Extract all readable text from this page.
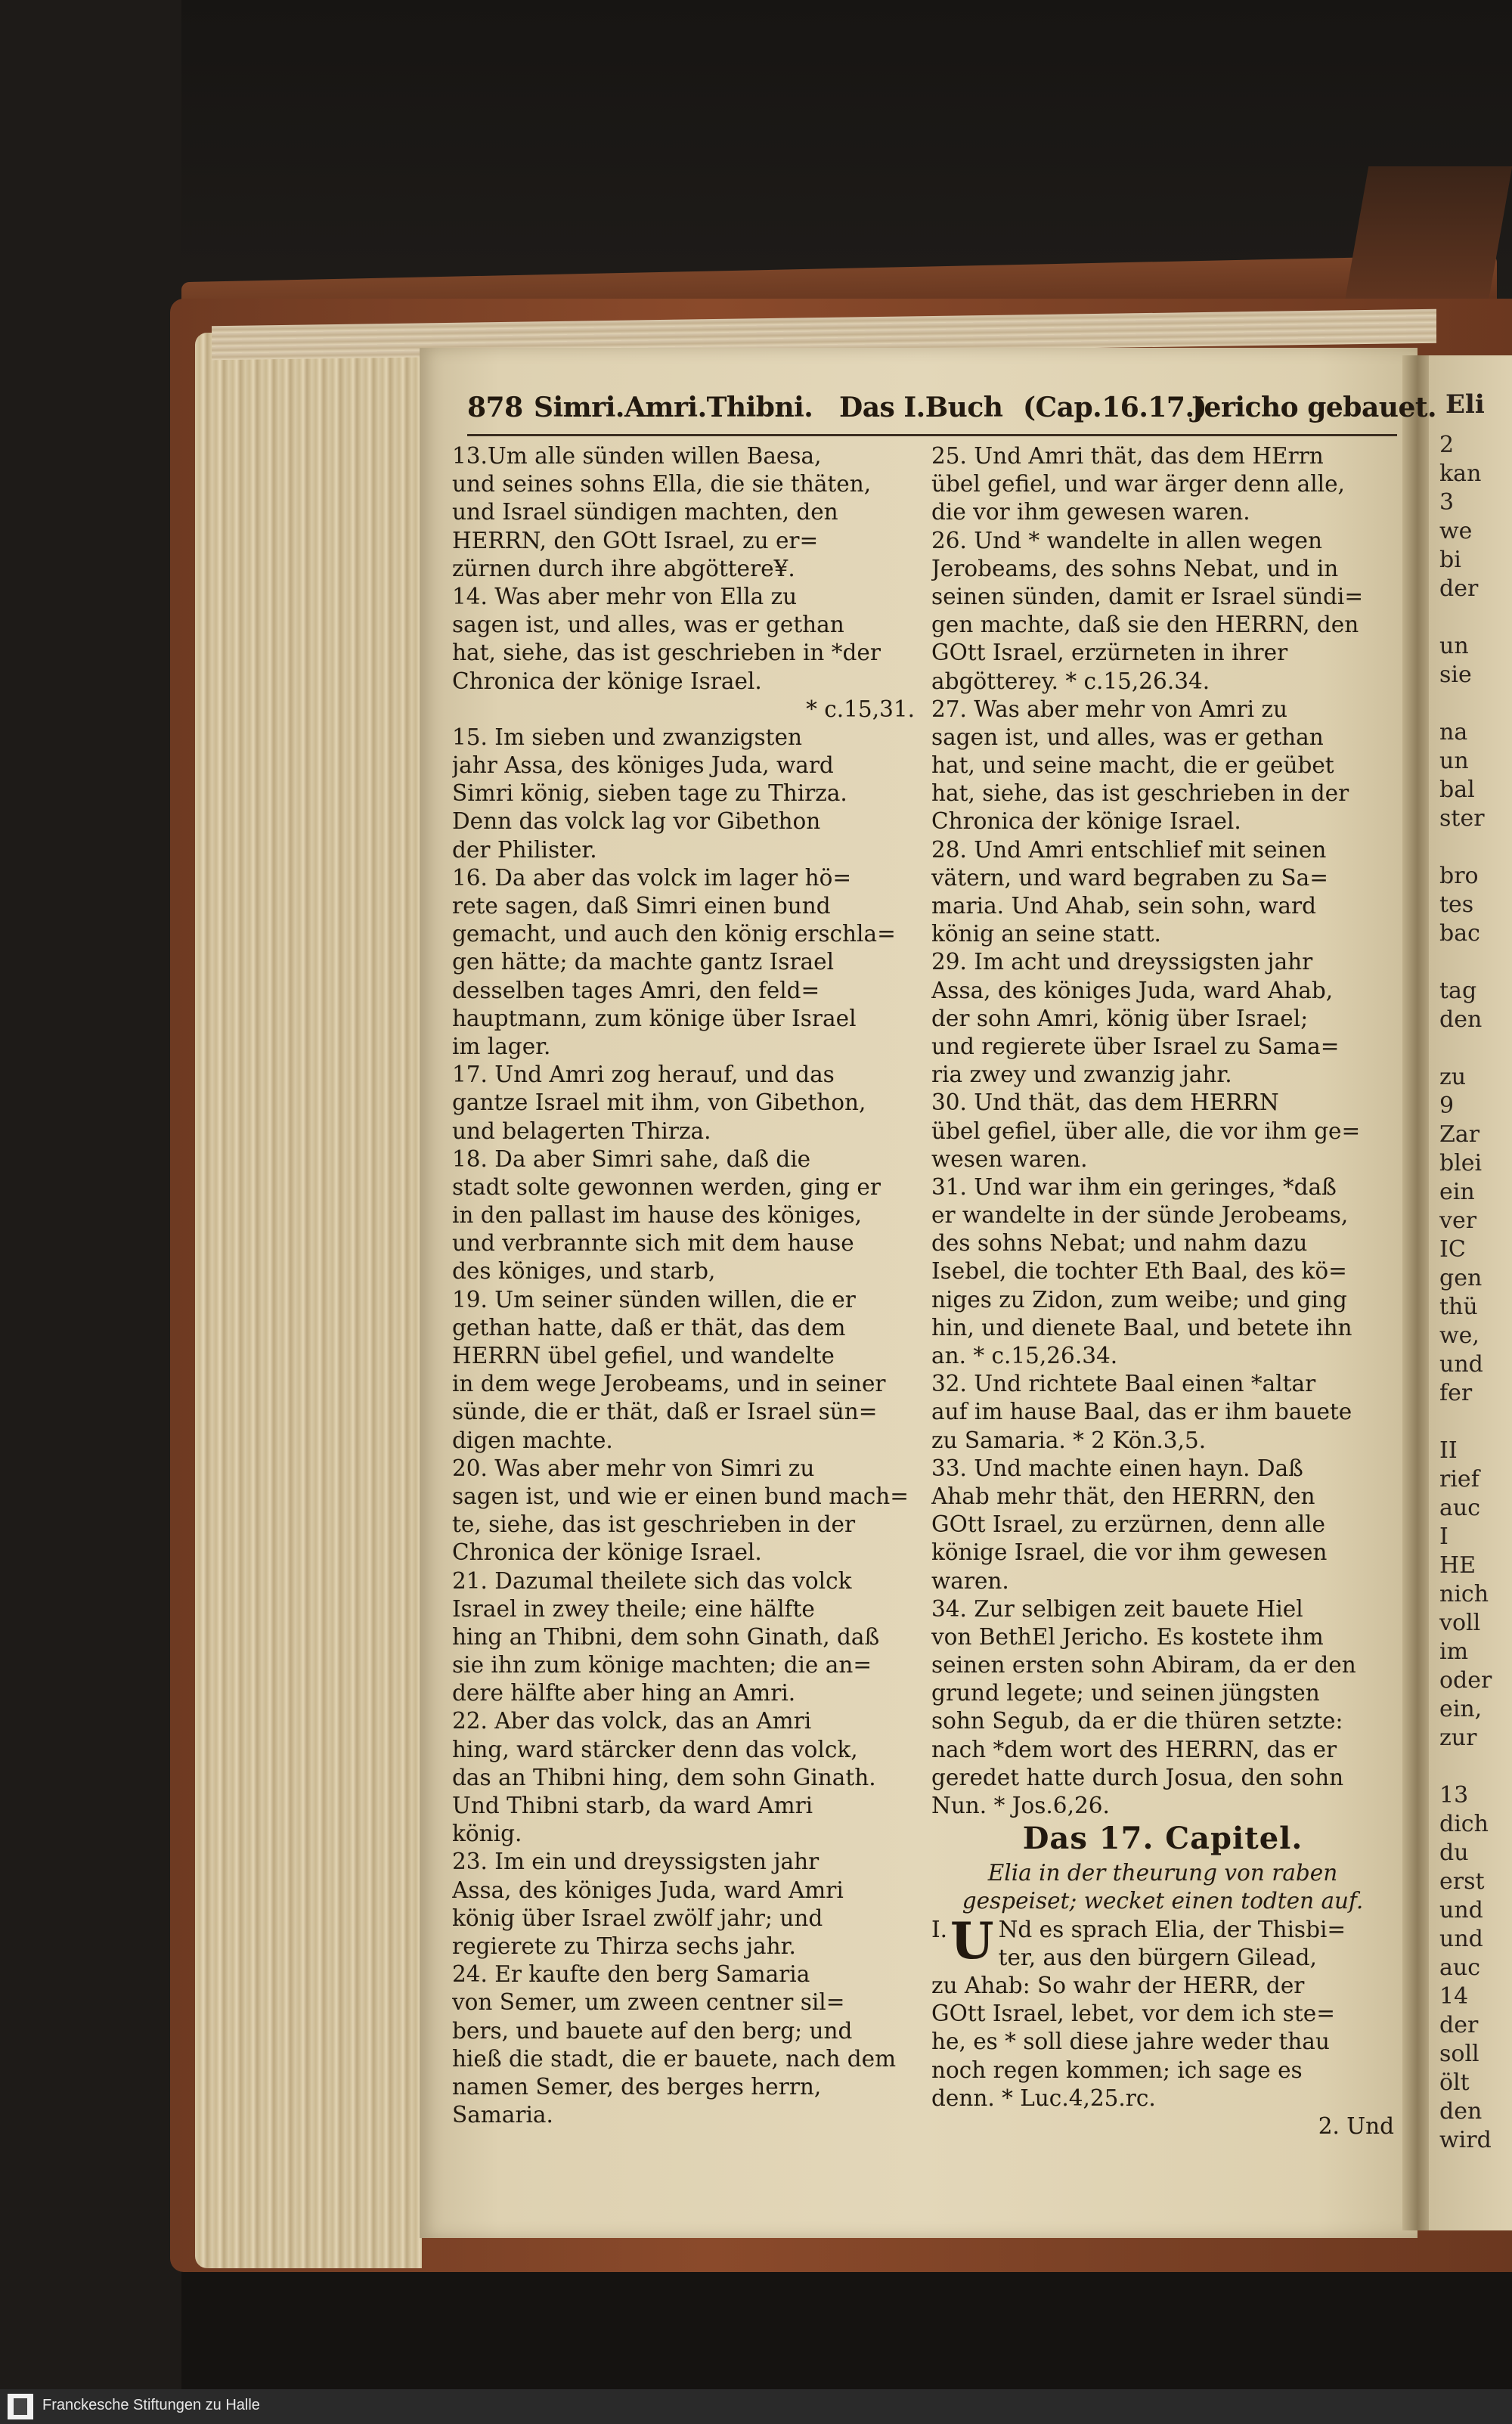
Eli
2
kan
3
we
bi
der
un
sie
na
un
bal
ster
bro
tes
bac
tag
den
zu
9
Zar
blei
ein
ver
IC
gen
thü
we,
und
fer
II
rief
auc
I
HE
nich
voll
im
oder
ein,
zur
13
dich
du
erst
und
und
auc
14
der
soll
ölt
den
wird
878 Simri.Amri.Thibni. Das I.Buch (Cap.16.17.)
Jericho gebauet.
13.Um alle sünden willen Baesa,
und seines sohns Ella, die sie thäten,
und Israel sündigen machten, den
HERRN, den GOtt Israel, zu er=
zürnen durch ihre abgöttere¥.
14. Was aber mehr von Ella zu
sagen ist, und alles, was er gethan
hat, siehe, das ist geschrieben in *der
Chronica der könige Israel.
* c.15,31.
15. Im sieben und zwanzigsten
jahr Assa, des königes Juda, ward
Simri könig, sieben tage zu Thirza.
Denn das volck lag vor Gibethon
der Philister.
16. Da aber das volck im lager hö=
rete sagen, daß Simri einen bund
gemacht, und auch den könig erschla=
gen hätte; da machte gantz Israel
desselben tages Amri, den feld=
hauptmann, zum könige über Israel
im lager.
17. Und Amri zog herauf, und das
gantze Israel mit ihm, von Gibethon,
und belagerten Thirza.
18. Da aber Simri sahe, daß die
stadt solte gewonnen werden, ging er
in den pallast im hause des königes,
und verbrannte sich mit dem hause
des königes, und starb,
19. Um seiner sünden willen, die er
gethan hatte, daß er thät, das dem
HERRN übel gefiel, und wandelte
in dem wege Jerobeams, und in seiner
sünde, die er thät, daß er Israel sün=
digen machte.
20. Was aber mehr von Simri zu
sagen ist, und wie er einen bund mach=
te, siehe, das ist geschrieben in der
Chronica der könige Israel.
21. Dazumal theilete sich das volck
Israel in zwey theile; eine hälfte
hing an Thibni, dem sohn Ginath, daß
sie ihn zum könige machten; die an=
dere hälfte aber hing an Amri.
22. Aber das volck, das an Amri
hing, ward stärcker denn das volck,
das an Thibni hing, dem sohn Ginath.
Und Thibni starb, da ward Amri
könig.
23. Im ein und dreyssigsten jahr
Assa, des königes Juda, ward Amri
könig über Israel zwölf jahr; und
regierete zu Thirza sechs jahr.
24. Er kaufte den berg Samaria
von Semer, um zween centner sil=
bers, und bauete auf den berg; und
hieß die stadt, die er bauete, nach dem
namen Semer, des berges herrn,
Samaria.
25. Und Amri thät, das dem HErrn
übel gefiel, und war ärger denn alle,
die vor ihm gewesen waren.
26. Und * wandelte in allen wegen
Jerobeams, des sohns Nebat, und in
seinen sünden, damit er Israel sündi=
gen machte, daß sie den HERRN, den
GOtt Israel, erzürneten in ihrer
abgötterey. * c.15,26.34.
27. Was aber mehr von Amri zu
sagen ist, und alles, was er gethan
hat, und seine macht, die er geübet
hat, siehe, das ist geschrieben in der
Chronica der könige Israel.
28. Und Amri entschlief mit seinen
vätern, und ward begraben zu Sa=
maria. Und Ahab, sein sohn, ward
könig an seine statt.
29. Im acht und dreyssigsten jahr
Assa, des königes Juda, ward Ahab,
der sohn Amri, könig über Israel;
und regierete über Israel zu Sama=
ria zwey und zwanzig jahr.
30. Und thät, das dem HERRN
übel gefiel, über alle, die vor ihm ge=
wesen waren.
31. Und war ihm ein geringes, *daß
er wandelte in der sünde Jerobeams,
des sohns Nebat; und nahm dazu
Isebel, die tochter Eth Baal, des kö=
niges zu Zidon, zum weibe; und ging
hin, und dienete Baal, und betete ihn
an. * c.15,26.34.
32. Und richtete Baal einen *altar
auf im hause Baal, das er ihm bauete
zu Samaria. * 2 Kön.3,5.
33. Und machte einen hayn. Daß
Ahab mehr thät, den HERRN, den
GOtt Israel, zu erzürnen, denn alle
könige Israel, die vor ihm gewesen
waren.
34. Zur selbigen zeit bauete Hiel
von BethEl Jericho. Es kostete ihm
seinen ersten sohn Abiram, da er den
grund legete; und seinen jüngsten
sohn Segub, da er die thüren setzte:
nach *dem wort des HERRN, das er
geredet hatte durch Josua, den sohn
Nun. * Jos.6,26.
Das 17. Capitel.
Elia in der theurung von raben
gespeiset; wecket einen todten auf.
I. U Nd es sprach Elia, der Thisbi=
ter, aus den bürgern Gilead,
zu Ahab: So wahr der HERR, der
GOtt Israel, lebet, vor dem ich ste=
he, es * soll diese jahre weder thau
noch regen kommen; ich sage es
denn. * Luc.4,25.rc.
2. Und
Franckesche Stiftungen zu Halle
